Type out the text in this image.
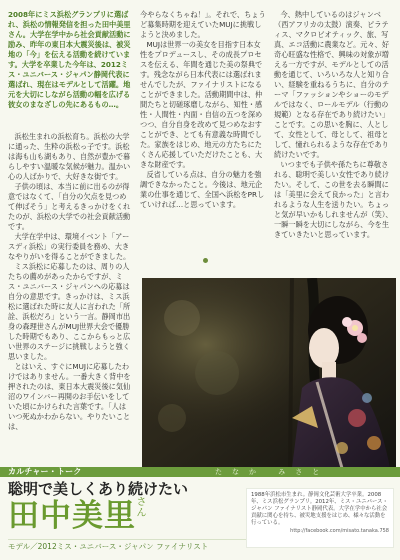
2008年にミス浜松グランプリに選ばれ、浜松の情報発信を担った田中美里さん。大学在学中から社会貢献活動に励み、昨年の東日本大震災後は、被災地の「今」を伝える活動を続けています。大学を卒業した今年は、2012ミス・ユニバース・ジャパン静岡代表に選ばれ、現在はモデルとして活躍。地元を大切にしながら活動の幅を広げる彼女のまなざしの先にあるもの…。

浜松生まれの浜松育ち。浜松の大学に通った、生粋の浜松っ子です。浜松は海も山も湖もあり、自然が豊かで暮らしやすい温暖な気候が魅力。温かい心の人ばかりで、大好きな街です。

子供の頃は、本当に前に出るのが得意ではなくて、「自分の欠点を見つめて伸ばそう」と考えるきっかけをくれたのが、浜松の大学での社会貢献活動です。

大学在学中は、環境イベント「アースディ浜松」の実行委員を務め、大きなやりがいを得ることができました。

ミス浜松に応募したのは、周りの人たちの薦めがあったからですが、ミス・ユニバース・ジャパンへの応募は自分の意思です。きっかけは、ミス浜松に選ばれた時に友人に言われた「所詮、浜松だろ」という一言。静岡市出身の森理世さんがMUJ世界大会で優勝した時期でもあり、ここからもっと広い世界のステージに挑戦しようと強く思いました。

とはいえ、すぐにMUJに応募したわけではありません。一番大きく背中を押されたのは、東日本大震災後に気仙沼のワインバー再開のお手伝いをしていた頃にかけられた言葉です。「人はいつ死ぬかわからない。やりたいことは、

今やらなくちゃね！」。それで、ちょうど募集時期を迎えていたMUJに挑戦しようと決めました。

MUJは世界一の美女を目指す日本女性をプロデュースし、その成長プロセスを伝える、年間を通じた美の祭典です。残念ながら日本代表には選ばれませんでしたが、ファイナリストになることができました。活動期間中は、仲間たちと切磋琢磨しながら、知性・感性・人間性・内面・自信の五つを深めつつ、自分自身を改めて見つめなおすことができ、とても有意義な時間でした。家族をはじめ、地元の方たちにたくさん応援していただけたことも、大きな財産です。

反省している点は、自分の魅力を強調できなかったこと。今後は、地元企業の仕事を通じて、全国へ浜松をPRしていければ…と思っています。

今、熱中しているのはジャンベ（西アフリカの太鼓）演奏、ピラティス、マクロビオティック、旅、写真、エコ活動に農業など。元々、好奇心旺盛な性格で、興味の対象が増える一方ですが、モデルとしての活動を通じて、いろいろな人と知り合い、経験を重ねるうちに、自分のテーマ「ファッションやショーのモデルではなく、ロールモデル（行動の規範）となる存在であり続けたい」ことです。この思いを胸に、人として、女性として、母として、祖母として、憧れられるような存在であり続けたいです。

いつまでも子供や孫たちに尊敬される、聡明で美しい女性であり続けたい。そして、この世を去る瞬間には「美里に会えて良かった」と言われるような人生を送りたい。ちょっと気が早いかもしれませんが（笑）、一瞬一瞬を大切にしながら、今を生きていきたいと思っています。

カルチャー・トーク	たなか みさと
聡明で美しくあり続けたい
田中美里 さん
モデル／2012ミス・ユニバース・ジャパン ファイナリスト
1988年浜松市生まれ。静岡文化芸術大学卒業。2008年、ミス浜松グランプリ。2012年、ミス・ユニバース・ジャパン ファイナリスト静岡代表。大学在学中から社会貢献に関心を持ち、被災地支援をはじめ、様々な活動を行っている。
http://facebook.com/misato.tanaka.758
